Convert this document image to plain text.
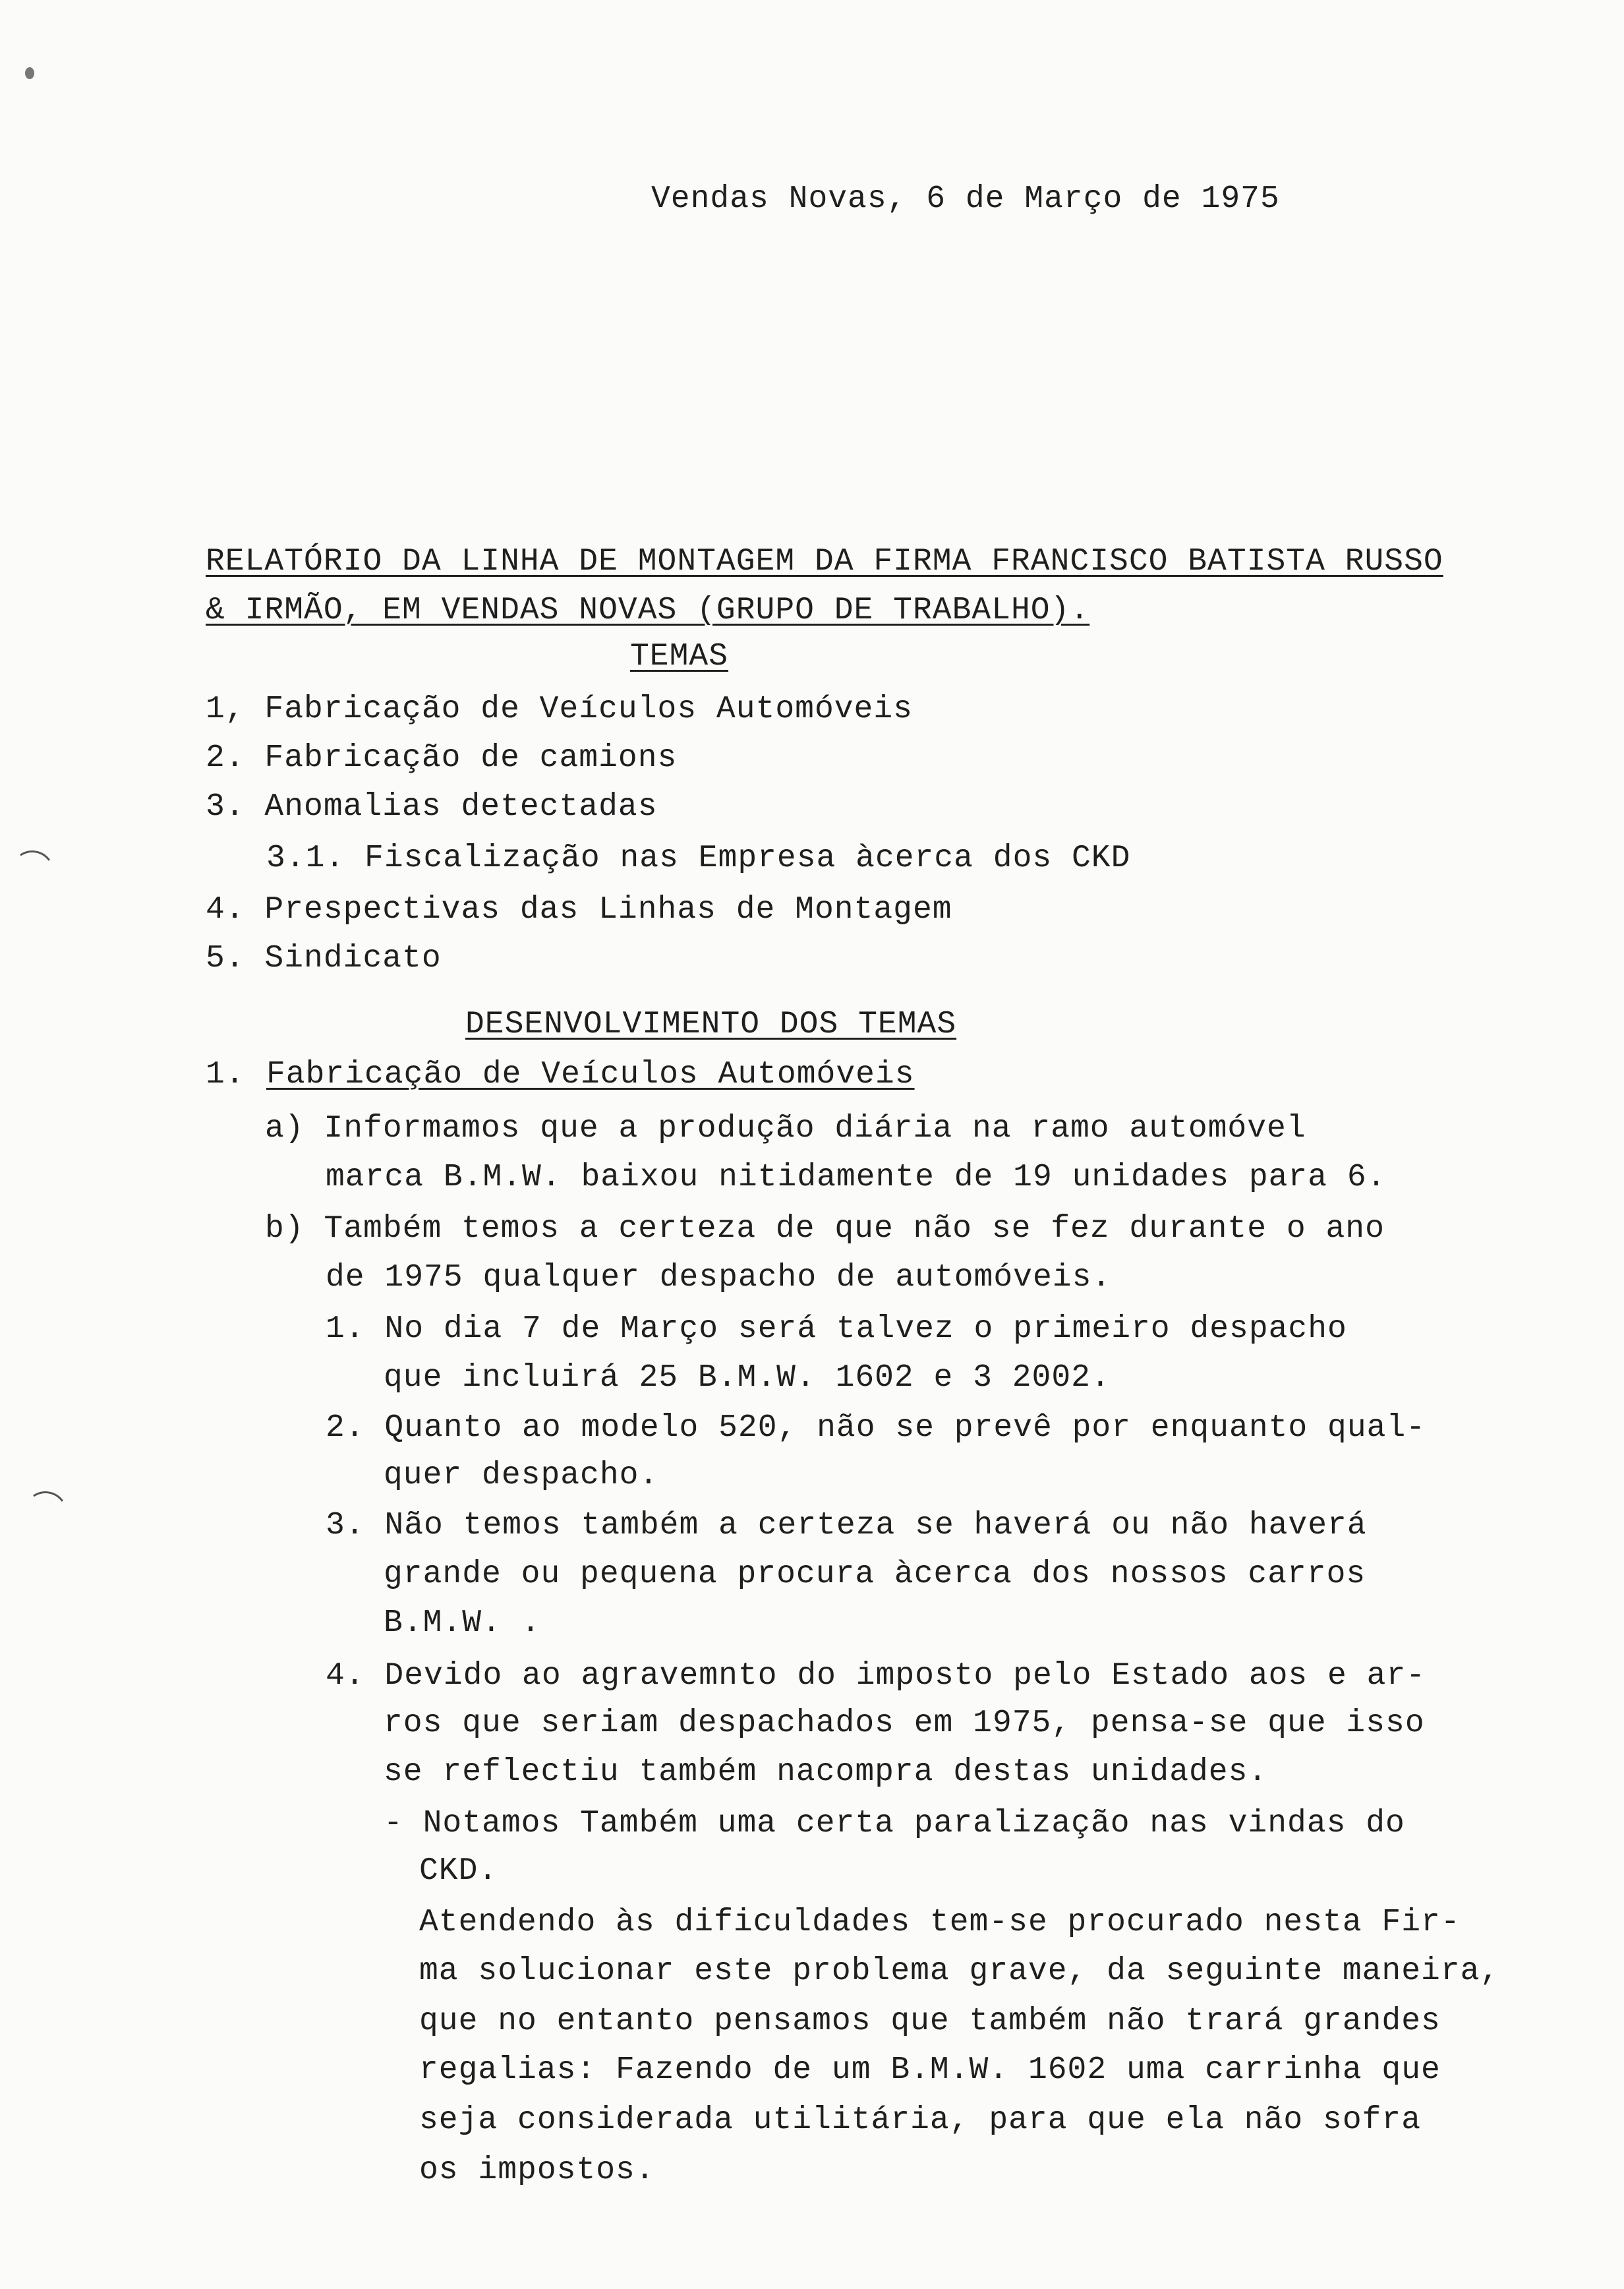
Vendas Novas, 6 de Março de 1975
RELATÓRIO DA LINHA DE MONTAGEM DA FIRMA FRANCISCO BATISTA RUSSO
& IRMÃO, EM VENDAS NOVAS (GRUPO DE TRABALHO).
TEMAS
1, Fabricação de Veículos Automóveis
2. Fabricação de camions
3. Anomalias detectadas
3.1. Fiscalização nas Empresa àcerca dos CKD
4. Prespectivas das Linhas de Montagem
5. Sindicato
DESENVOLVIMENTO DOS TEMAS
1. Fabricação de Veículos Automóveis
a) Informamos que a produção diária na ramo automóvel
marca B.M.W. baixou nitidamente de 19 unidades para 6.
b) Também temos a certeza de que não se fez durante o ano
de 1975 qualquer despacho de automóveis.
1. No dia 7 de Março será talvez o primeiro despacho
que incluirá 25 B.M.W. 1602 e 3 2002.
2. Quanto ao modelo 520, não se prevê por enquanto qual-
quer despacho.
3. Não temos também a certeza se haverá ou não haverá
grande ou pequena procura àcerca dos nossos carros
B.M.W. .
4. Devido ao agravemnto do imposto pelo Estado aos e ar-
ros que seriam despachados em 1975, pensa-se que isso
se reflectiu também nacompra destas unidades.
- Notamos Também uma certa paralização nas vindas do
CKD.
Atendendo às dificuldades tem-se procurado nesta Fir-
ma solucionar este problema grave, da seguinte maneira,
que no entanto pensamos que também não trará grandes
regalias: Fazendo de um B.M.W. 1602 uma carrinha que
seja considerada utilitária, para que ela não sofra
os impostos.
